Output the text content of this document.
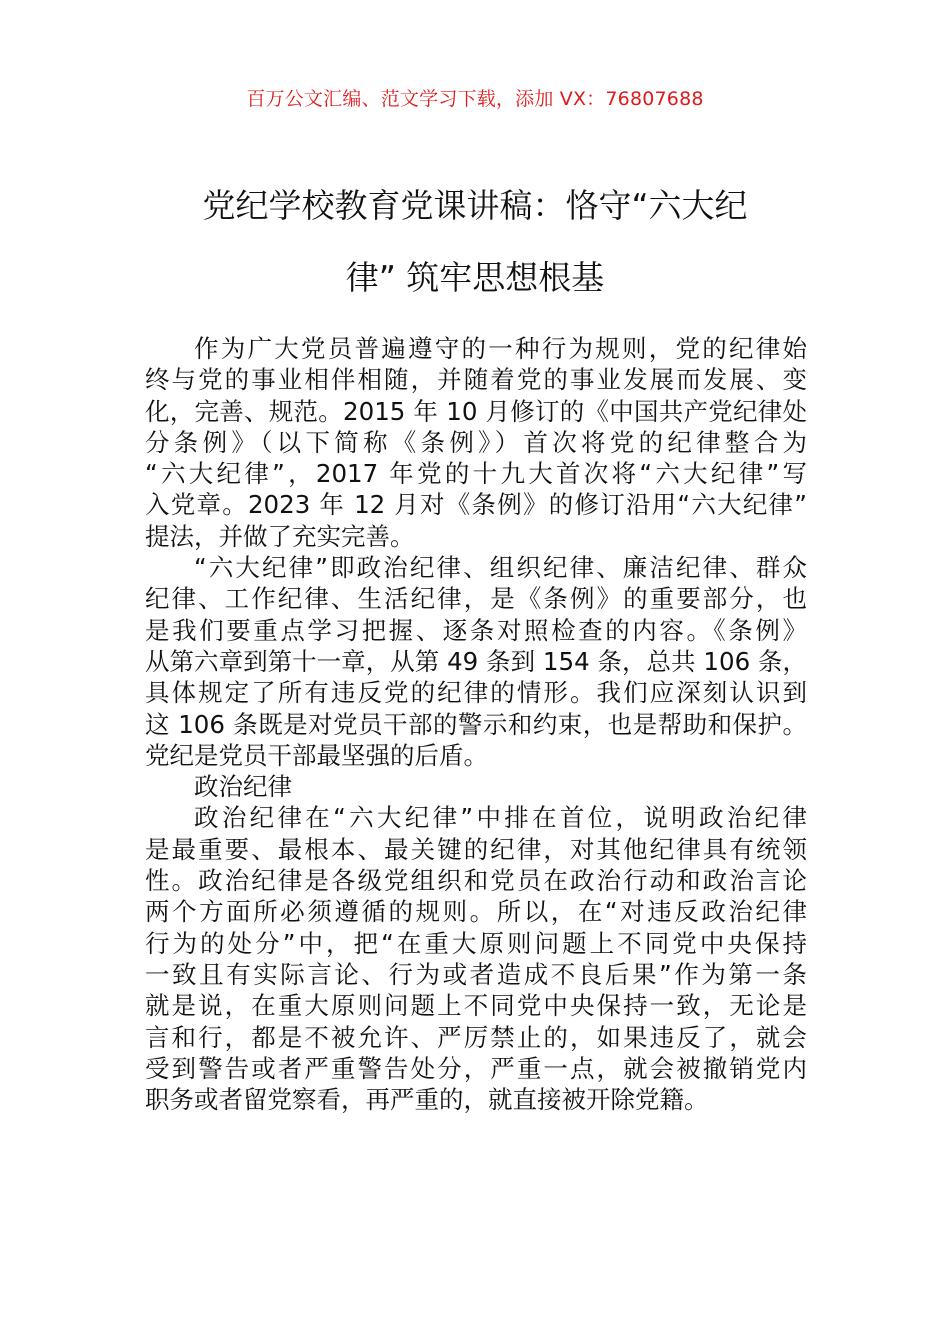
百万公文汇编、范文学习下载，添加 VX：76807688
党纪学校教育党课讲稿：恪守“六大纪
律” 筑牢思想根基
作为广大党员普遍遵守的一种行为规则，党的纪律始
终与党的事业相伴相随，并随着党的事业发展而发展、变
化，完善、规范。2015 年 10 月修订的《中国共产党纪律处
分条例》（以下简称《条例》）首次将党的纪律整合为
“六大纪律”，2017 年党的十九大首次将“六大纪律”写
入党章。2023 年 12 月对《条例》的修订沿用“六大纪律”
提法，并做了充实完善。
“六大纪律”即政治纪律、组织纪律、廉洁纪律、群众
纪律、工作纪律、生活纪律，是《条例》的重要部分，也
是我们要重点学习把握、逐条对照检查的内容。《条例》
从第六章到第十一章，从第 49 条到 154 条，总共 106 条，
具体规定了所有违反党的纪律的情形。我们应深刻认识到
这 106 条既是对党员干部的警示和约束，也是帮助和保护。
党纪是党员干部最坚强的后盾。
政治纪律
政治纪律在“六大纪律”中排在首位，说明政治纪律
是最重要、最根本、最关键的纪律，对其他纪律具有统领
性。政治纪律是各级党组织和党员在政治行动和政治言论
两个方面所必须遵循的规则。所以，在“对违反政治纪律
行为的处分”中，把“在重大原则问题上不同党中央保持
一致且有实际言论、行为或者造成不良后果”作为第一条
就是说，在重大原则问题上不同党中央保持一致，无论是
言和行，都是不被允许、严厉禁止的，如果违反了，就会
受到警告或者严重警告处分，严重一点，就会被撤销党内
职务或者留党察看，再严重的，就直接被开除党籍。
